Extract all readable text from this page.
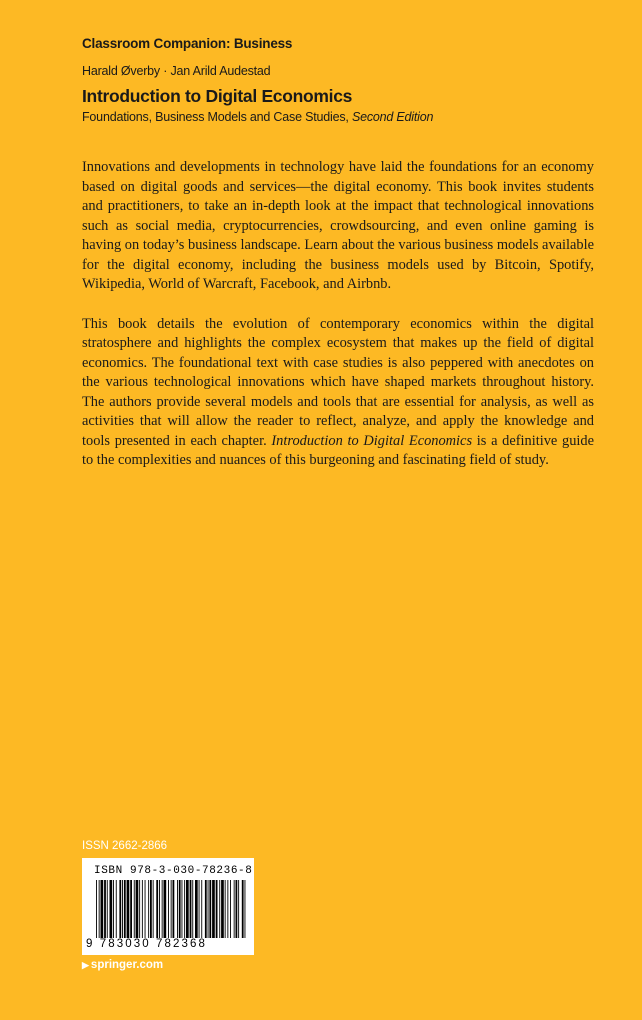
Classroom Companion: Business
Harald Øverby · Jan Arild Audestad
Introduction to Digital Economics
Foundations, Business Models and Case Studies, Second Edition

Innovations and developments in technology have laid the foundations for an economy based on digital goods and services—the digital economy. This book invites students and practitioners, to take an in-depth look at the impact that technological innovations such as social media, cryptocurrencies, crowdsourcing, and even online gaming is having on today’s business landscape. Learn about the various business models available for the digital economy, including the business models used by Bitcoin, Spotify, Wikipedia, World of Warcraft, Facebook, and Airbnb.

This book details the evolution of contemporary economics within the digital stratosphere and highlights the complex ecosystem that makes up the field of digital economics. The foundational text with case studies is also peppered with anecdotes on the various technological innovations which have shaped markets throughout history. The authors provide several models and tools that are essential for analysis, as well as activities that will allow the reader to reflect, analyze, and apply the knowledge and tools presented in each chapter. Introduction to Digital Economics is a definitive guide to the complexities and nuances of this burgeoning and fascinating field of study.

ISSN 2662-2866
ISBN 978-3-030-78236-8
9 783030 782368
▶ springer.com
